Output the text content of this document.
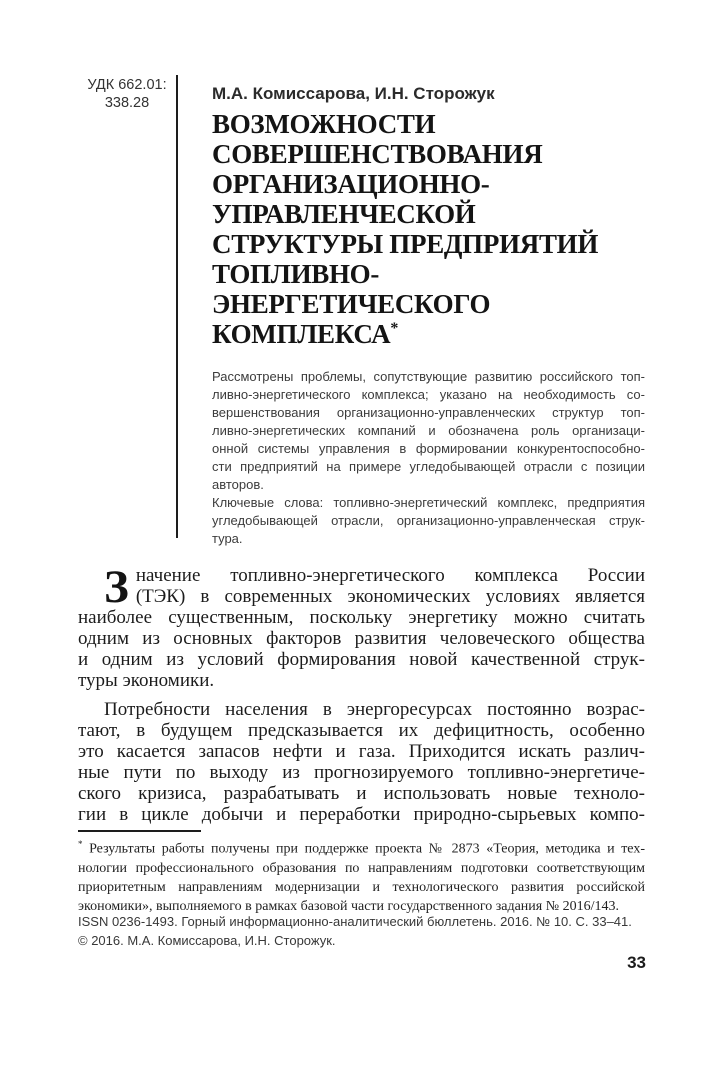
УДК 662.01:
338.28	М.А. Комиссарова, И.Н. Сторожук
ВОЗМОЖНОСТИ
СОВЕРШЕНСТВОВАНИЯ
ОРГАНИЗАЦИОННО-
УПРАВЛЕНЧЕСКОЙ
СТРУКТУРЫ ПРЕДПРИЯТИЙ
ТОПЛИВНО-
ЭНЕРГЕТИЧЕСКОГО
КОМПЛЕКСА*
Рассмотрены проблемы, сопутствующие развитию российского топ-
ливно-энергетического комплекса; указано на необходимость со-
вершенствования организационно-управленческих структур топ-
ливно-энергетических компаний и обозначена роль организаци-
онной системы управления в формировании конкурентоспособно-
сти предприятий на примере угледобывающей отрасли с позиции
авторов.
Ключевые слова: топливно-энергетический комплекс, предприятия
угледобывающей отрасли, организационно-управленческая струк-
тура.
З начение топливно-энергетического комплекса России
(ТЭК) в современных экономических условиях является
наиболее существенным, поскольку энергетику можно считать
одним из основных факторов развития человеческого общества
и одним из условий формирования новой качественной струк-
туры экономики.
Потребности населения в энергоресурсах постоянно возрас-
тают, в будущем предсказывается их дефицитность, особенно
это касается запасов нефти и газа. Приходится искать различ-
ные пути по выходу из прогнозируемого топливно-энергетиче-
ского кризиса, разрабатывать и использовать новые техноло-
гии в цикле добычи и переработки природно-сырьевых компо-
* Результаты работы получены при поддержке проекта № 2873 «Теория, методика и тех-
нологии профессионального образования по направлениям подготовки соответствующим
приоритетным направлениям модернизации и технологического развития российской
экономики», выполняемого в рамках базовой части государственного задания № 2016/143.
ISSN 0236-1493. Горный информационно-аналитический бюллетень. 2016. № 10. С. 33–41.
© 2016. М.А. Комиссарова, И.Н. Сторожук.
33
